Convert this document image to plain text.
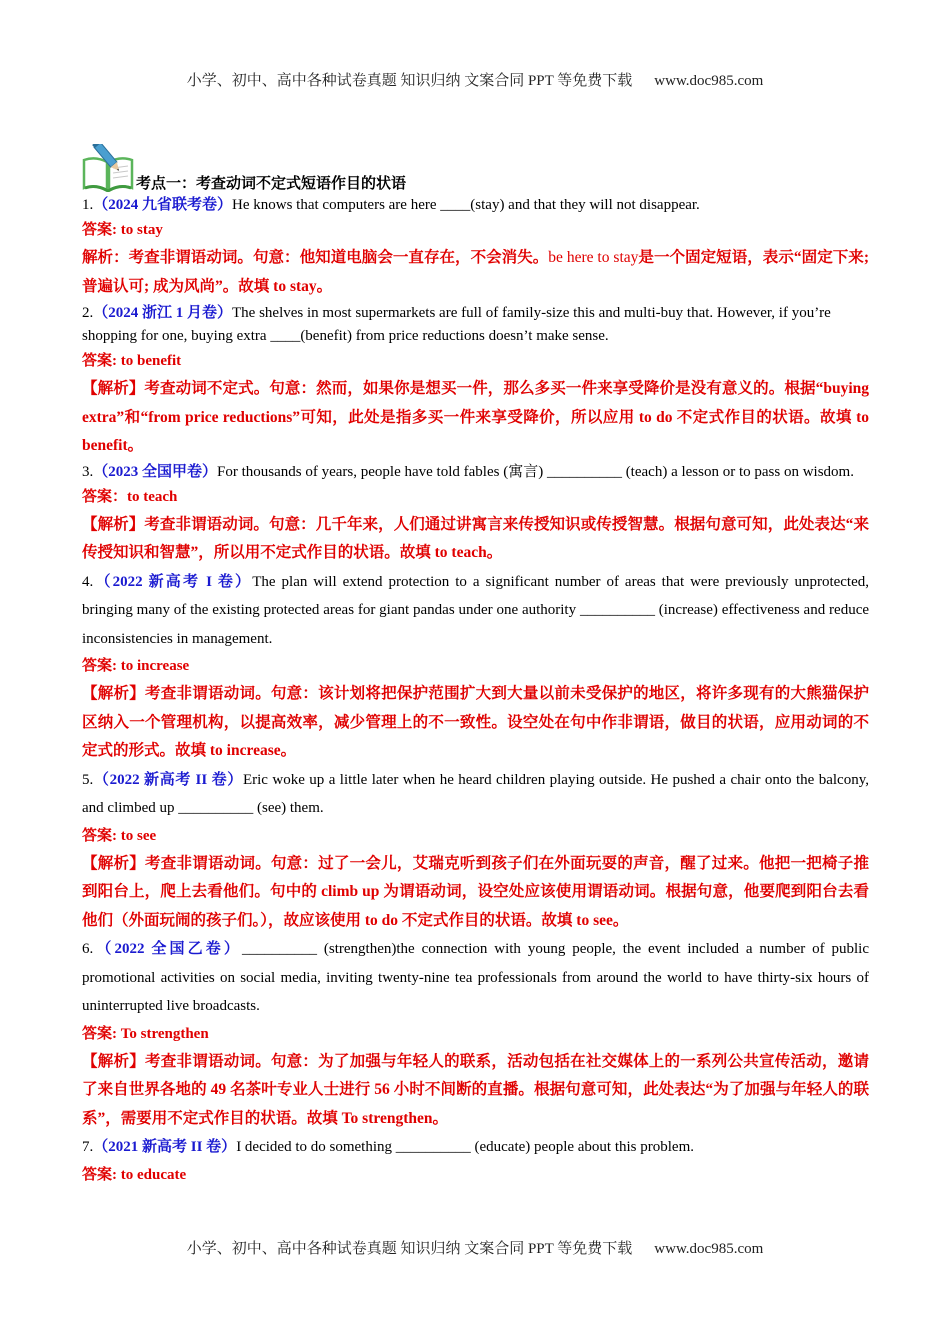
小学、初中、高中各种试卷真题 知识归纳 文案合同 PPT 等免费下载 www.doc985.com
考点一：考查动词不定式短语作目的状语

1.（2024 九省联考卷）He knows that computers are here ____(stay) and that they will not disappear.

答案: to stay

解析：考查非谓语动词。句意：他知道电脑会一直存在，不会消失。be here to stay是一个固定短语，表示“固定下来; 普遍认可; 成为风尚”。故填 to stay。

2.（2024 浙江 1 月卷）The shelves in most supermarkets are full of family-size this and multi-buy that. However, if you’re shopping for one, buying extra ____(benefit) from price reductions doesn’t make sense.

答案: to benefit

【解析】考查动词不定式。句意：然而，如果你是想买一件，那么多买一件来享受降价是没有意义的。根据“buying extra”和“from price reductions”可知，此处是指多买一件来享受降价，所以应用 to do 不定式作目的状语。故填 to benefit。

3.（2023 全国甲卷）For thousands of years, people have told fables (寓言) __________ (teach) a lesson or to pass on wisdom.

答案：to teach

【解析】考查非谓语动词。句意：几千年来，人们通过讲寓言来传授知识或传授智慧。根据句意可知，此处表达“来传授知识和智慧”，所以用不定式作目的状语。故填 to teach。

4.（2022 新高考 I 卷）The plan will extend protection to a significant number of areas that were previously unprotected, bringing many of the existing protected areas for giant pandas under one authority __________ (increase) effectiveness and reduce inconsistencies in management.

答案: to increase

【解析】考查非谓语动词。句意：该计划将把保护范围扩大到大量以前未受保护的地区，将许多现有的大熊猫保护区纳入一个管理机构，以提高效率，减少管理上的不一致性。设空处在句中作非谓语，做目的状语，应用动词的不定式的形式。故填 to increase。

5.（2022 新高考 II 卷）Eric woke up a little later when he heard children playing outside. He pushed a chair onto the balcony, and climbed up __________ (see) them.

答案: to see

【解析】考查非谓语动词。句意：过了一会儿，艾瑞克听到孩子们在外面玩耍的声音，醒了过来。他把一把椅子推到阳台上，爬上去看他们。句中的 climb up 为谓语动词，设空处应该使用谓语动词。根据句意，他要爬到阳台去看他们（外面玩闹的孩子们。），故应该使用 to do 不定式作目的状语。故填 to see。

6.（2022 全国乙卷）__________ (strengthen)the connection with young people, the event included a number of public promotional activities on social media, inviting twenty-nine tea professionals from around the world to have thirty-six hours of uninterrupted live broadcasts.

答案: To strengthen

【解析】考查非谓语动词。句意：为了加强与年轻人的联系，活动包括在社交媒体上的一系列公共宣传活动，邀请了来自世界各地的 49 名茶叶专业人士进行 56 小时不间断的直播。根据句意可知，此处表达“为了加强与年轻人的联系”，需要用不定式作目的状语。故填 To strengthen。

7.（2021 新高考 II 卷）I decided to do something __________ (educate) people about this problem.

答案: to educate

小学、初中、高中各种试卷真题 知识归纳 文案合同 PPT 等免费下载 www.doc985.com
